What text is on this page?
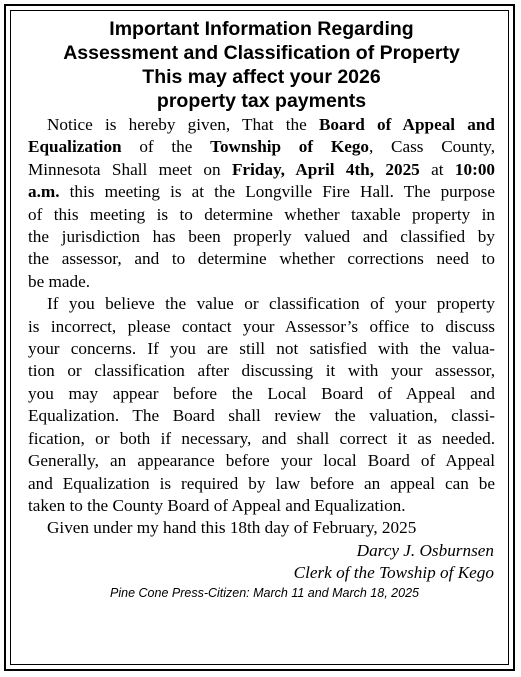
Important Information Regarding
Assessment and Classification of Property
This may affect your 2026
property tax payments
Notice is hereby given, That the Board of Appeal and
Equalization of the Township of Kego, Cass County,
Minnesota Shall meet on Friday, April 4th, 2025 at 10:00
a.m. this meeting is at the Longville Fire Hall. The purpose
of this meeting is to determine whether taxable property in
the jurisdiction has been properly valued and classified by
the assessor, and to determine whether corrections need to
be made.
If you believe the value or classification of your property
is incorrect, please contact your Assessor’s office to discuss
your concerns. If you are still not satisfied with the valua-
tion or classification after discussing it with your assessor,
you may appear before the Local Board of Appeal and
Equalization. The Board shall review the valuation, classi-
fication, or both if necessary, and shall correct it as needed.
Generally, an appearance before your local Board of Appeal
and Equalization is required by law before an appeal can be
taken to the County Board of Appeal and Equalization.
Given under my hand this 18th day of February, 2025

Darcy J. Osburnsen

Clerk of the Towship of Kego

Pine Cone Press-Citizen: March 11 and March 18, 2025
